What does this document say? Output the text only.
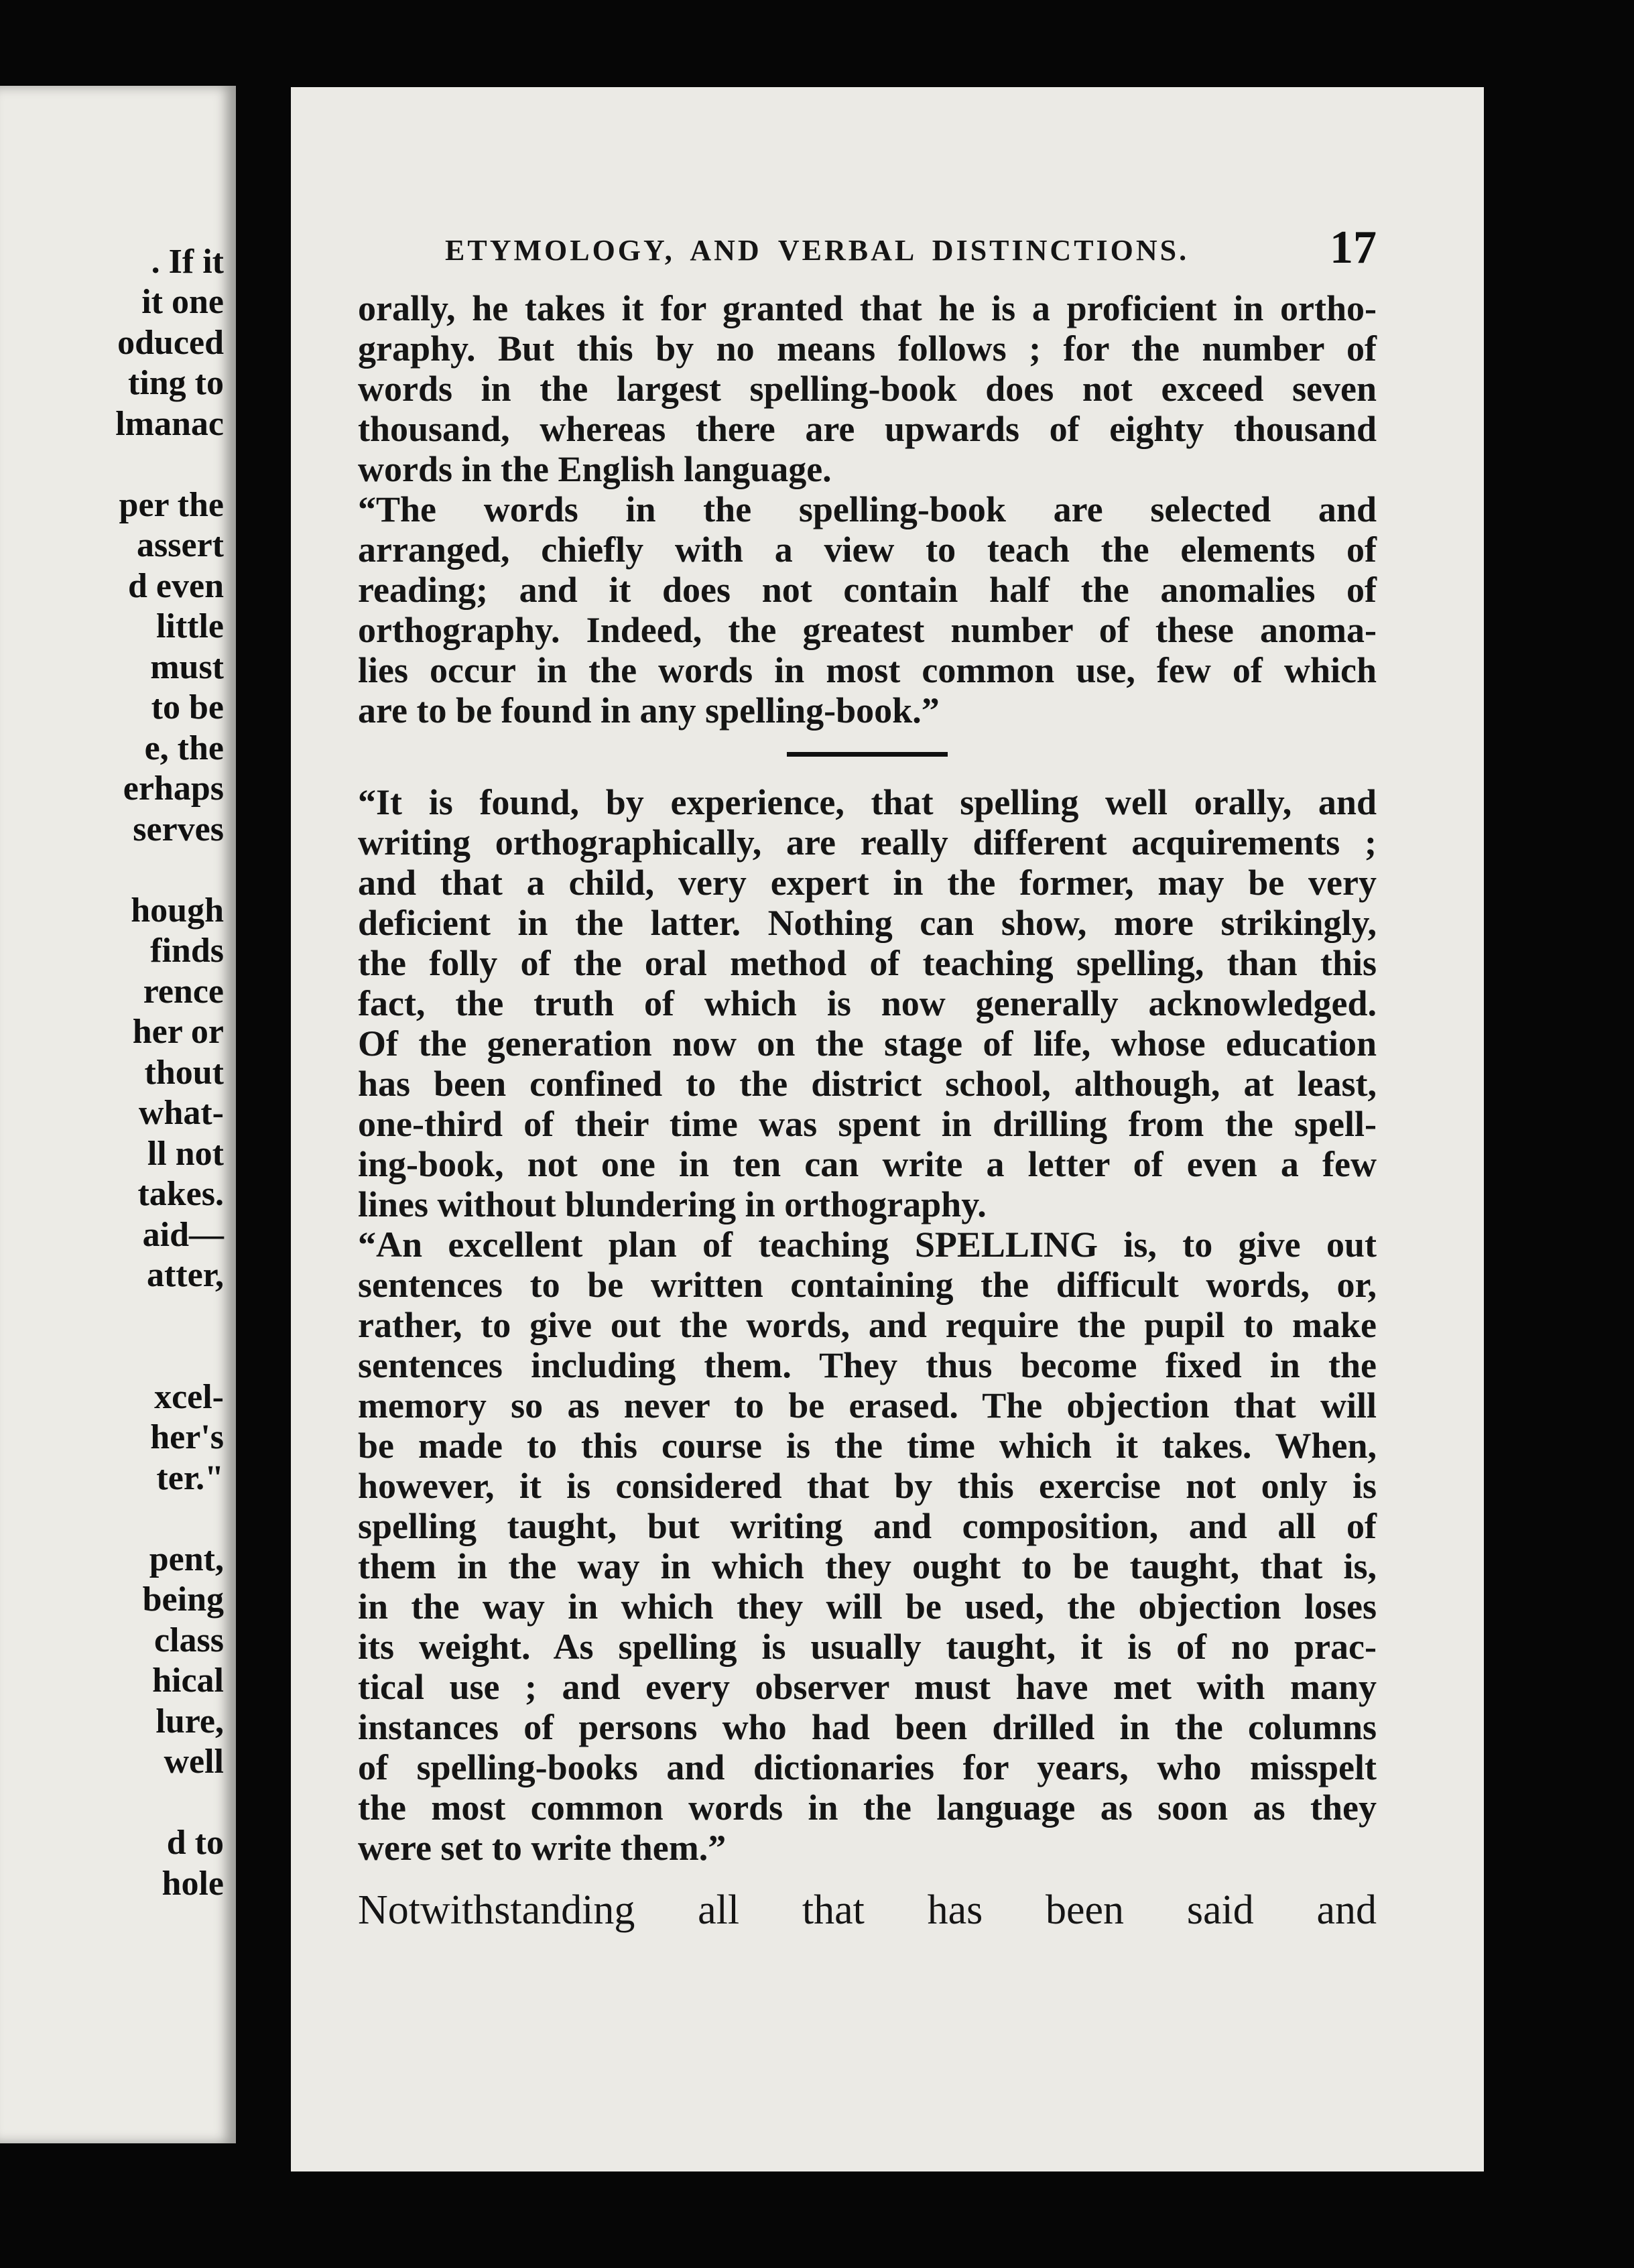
. If it
it one
oduced
ting to
lmanac
per the
assert
d even
little
must
to be
e, the
erhaps
serves
hough
finds
rence
her or
thout
what-
ll not
takes.
aid—
atter,
xcel-
her's
ter."
pent,
being
class
hical
lure,
well
d to
hole
ETYMOLOGY, AND VERBAL DISTINCTIONS.	17
orally, he takes it for granted that he is a proficient in ortho-
graphy. But this by no means follows ; for the number of
words in the largest spelling-book does not exceed seven
thousand, whereas there are upwards of eighty thousand
words in the English language.
“The words in the spelling-book are selected and
arranged, chiefly with a view to teach the elements of
reading; and it does not contain half the anomalies of
orthography. Indeed, the greatest number of these anoma-
lies occur in the words in most common use, few of which
are to be found in any spelling-book.”
“It is found, by experience, that spelling well orally, and
writing orthographically, are really different acquirements ;
and that a child, very expert in the former, may be very
deficient in the latter. Nothing can show, more strikingly,
the folly of the oral method of teaching spelling, than this
fact, the truth of which is now generally acknowledged.
Of the generation now on the stage of life, whose education
has been confined to the district school, although, at least,
one-third of their time was spent in drilling from the spell-
ing-book, not one in ten can write a letter of even a few
lines without blundering in orthography.
“An excellent plan of teaching SPELLING is, to give out
sentences to be written containing the difficult words, or,
rather, to give out the words, and require the pupil to make
sentences including them. They thus become fixed in the
memory so as never to be erased. The objection that will
be made to this course is the time which it takes. When,
however, it is considered that by this exercise not only is
spelling taught, but writing and composition, and all of
them in the way in which they ought to be taught, that is,
in the way in which they will be used, the objection loses
its weight. As spelling is usually taught, it is of no prac-
tical use ; and every observer must have met with many
instances of persons who had been drilled in the columns
of spelling-books and dictionaries for years, who misspelt
the most common words in the language as soon as they
were set to write them.”
Notwithstanding all that has been said and
